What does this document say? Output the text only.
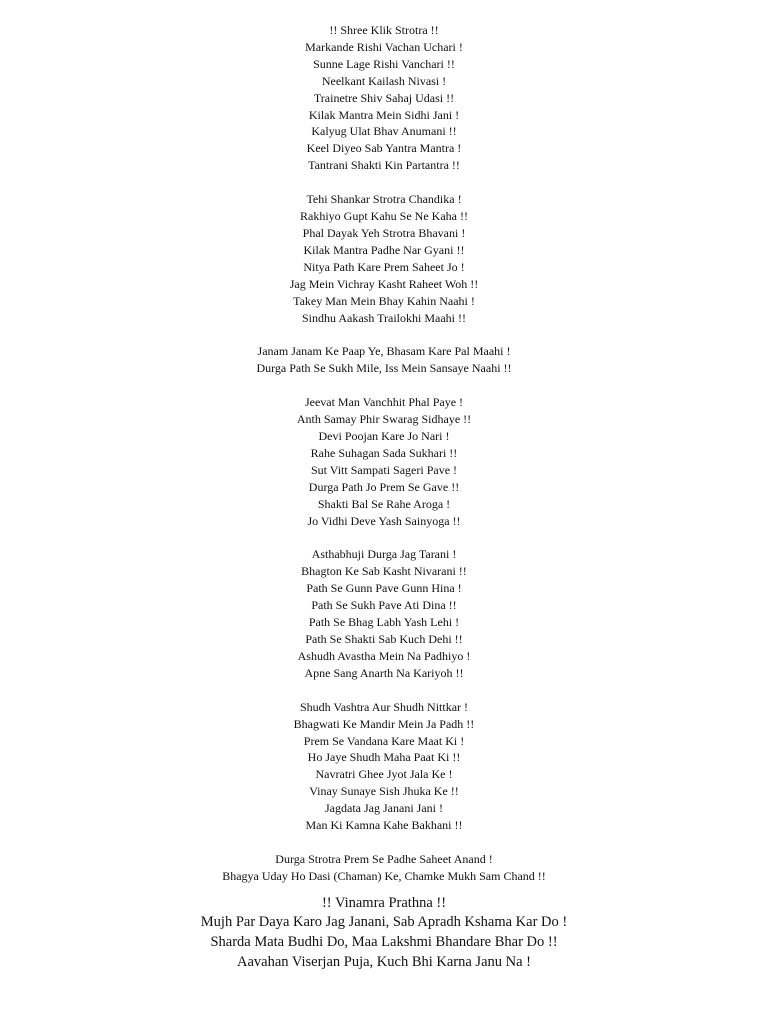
!! Shree Klik Strotra !!
Markande Rishi Vachan Uchari !
Sunne Lage Rishi Vanchari !!
Neelkant Kailash Nivasi !
Trainetre Shiv Sahaj Udasi !!
Kilak Mantra Mein Sidhi Jani !
Kalyug Ulat Bhav Anumani !!
Keel Diyeo Sab Yantra Mantra !
Tantrani Shakti Kin Partantra !!
Tehi Shankar Strotra Chandika !
Rakhiyo Gupt Kahu Se Ne Kaha !!
Phal Dayak Yeh Strotra Bhavani !
Kilak Mantra Padhe Nar Gyani !!
Nitya Path Kare Prem Saheet Jo !
Jag Mein Vichray Kasht Raheet Woh !!
Takey Man Mein Bhay Kahin Naahi !
Sindhu Aakash Trailokhi Maahi !!
Janam Janam Ke Paap Ye, Bhasam Kare Pal Maahi !
Durga Path Se Sukh Mile, Iss Mein Sansaye Naahi !!
Jeevat Man Vanchhit Phal Paye !
Anth Samay Phir Swarag Sidhaye !!
Devi Poojan Kare Jo Nari !
Rahe Suhagan Sada Sukhari !!
Sut Vitt Sampati Sageri Pave !
Durga Path Jo Prem Se Gave !!
Shakti Bal Se Rahe Aroga !
Jo Vidhi Deve Yash Sainyoga !!
Asthabhuji Durga Jag Tarani !
Bhagton Ke Sab Kasht Nivarani !!
Path Se Gunn Pave Gunn Hina !
Path Se Sukh Pave Ati Dina !!
Path Se Bhag Labh Yash Lehi !
Path Se Shakti Sab Kuch Dehi !!
Ashudh Avastha Mein Na Padhiyo !
Apne Sang Anarth Na Kariyoh !!
Shudh Vashtra Aur Shudh Nittkar !
Bhagwati Ke Mandir Mein Ja Padh !!
Prem Se Vandana Kare Maat Ki !
Ho Jaye Shudh Maha Paat Ki !!
Navratri Ghee Jyot Jala Ke !
Vinay Sunaye Sish Jhuka Ke !!
Jagdata Jag Janani Jani !
Man Ki Kamna Kahe Bakhani !!
Durga Strotra Prem Se Padhe Saheet Anand !
Bhagya Uday Ho Dasi (Chaman) Ke, Chamke Mukh Sam Chand !!
!! Vinamra Prathna !!
Mujh Par Daya Karo Jag Janani, Sab Apradh Kshama Kar Do !
Sharda Mata Budhi Do, Maa Lakshmi Bhandare Bhar Do !!
Aavahan Viserjan Puja, Kuch Bhi Karna Janu Na !
